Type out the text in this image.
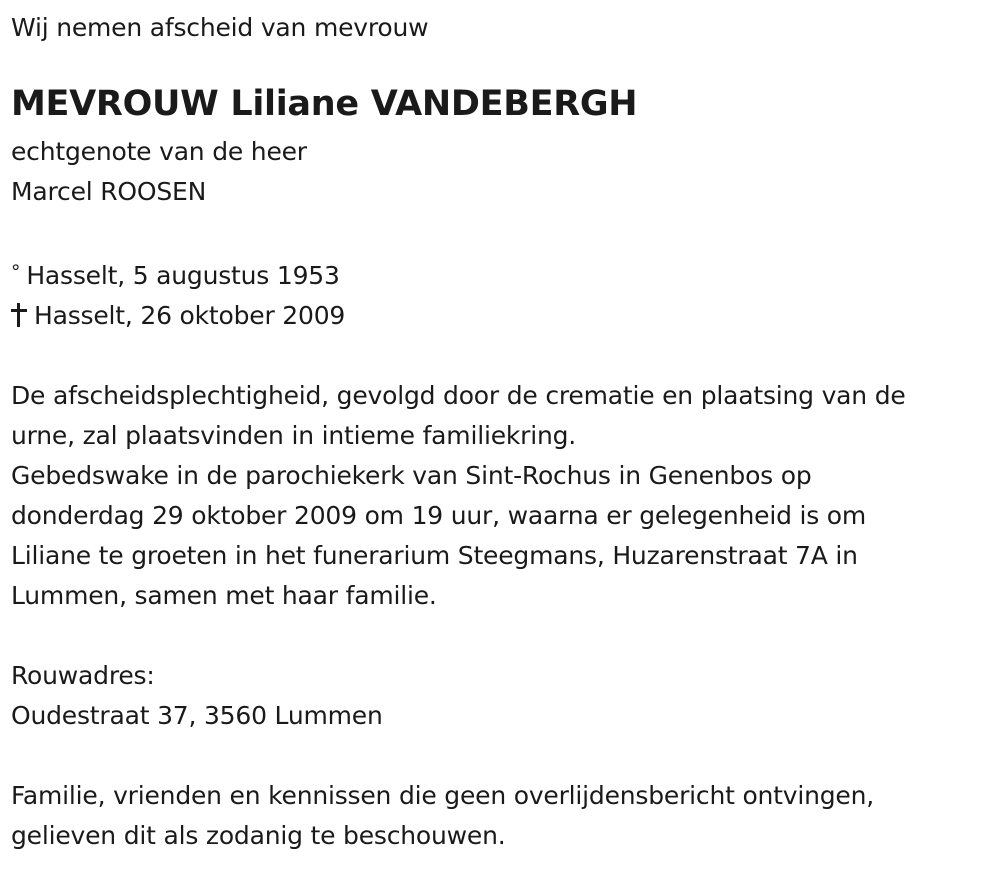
Wij nemen afscheid van mevrouw
MEVROUW Liliane VANDEBERGH
echtgenote van de heer
Marcel ROOSEN
° Hasselt, 5 augustus 1953
Hasselt, 26 oktober 2009
De afscheidsplechtigheid, gevolgd door de crematie en plaatsing van de
urne, zal plaatsvinden in intieme familiekring.
Gebedswake in de parochiekerk van Sint-Rochus in Genenbos op
donderdag 29 oktober 2009 om 19 uur, waarna er gelegenheid is om
Liliane te groeten in het funerarium Steegmans, Huzarenstraat 7A in
Lummen, samen met haar familie.
Rouwadres:
Oudestraat 37, 3560 Lummen
Familie, vrienden en kennissen die geen overlijdensbericht ontvingen,
gelieven dit als zodanig te beschouwen.
